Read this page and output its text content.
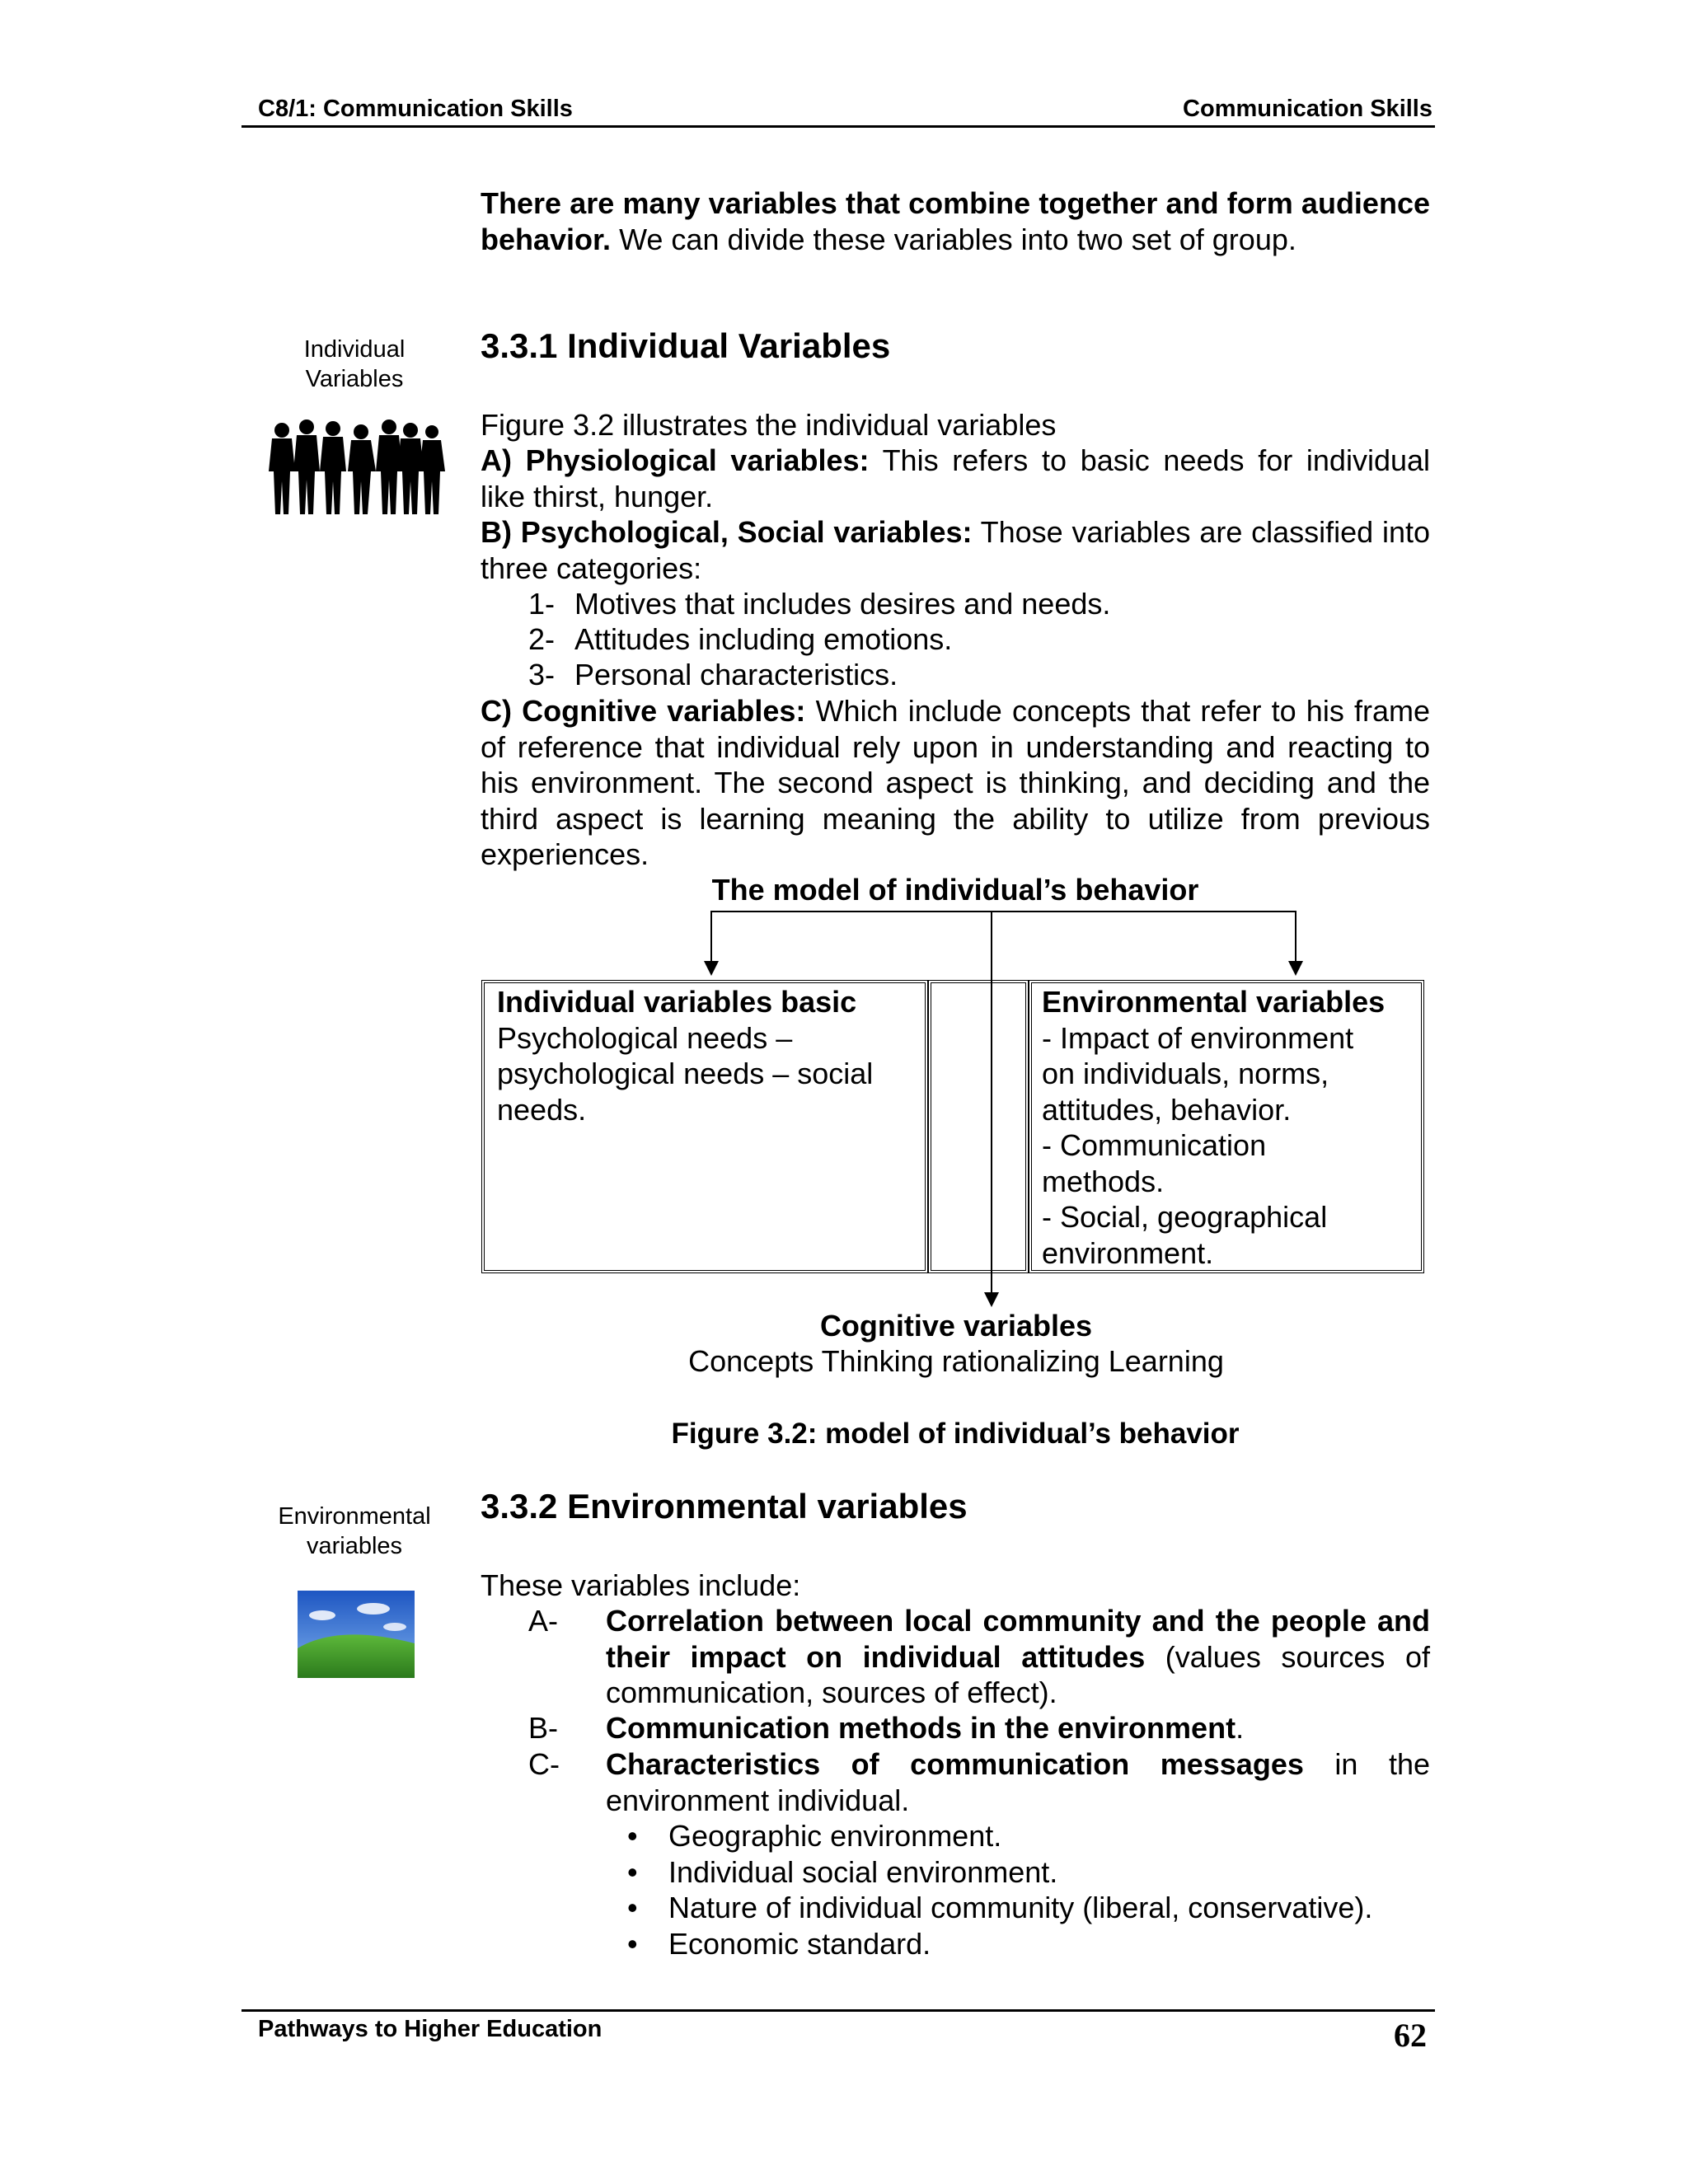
C8/1: Communication Skills	Communication Skills
There are many variables that combine together and form audience behavior. We can divide these variables into two set of group.
Individual
Variables
3.3.1 Individual Variables
Figure 3.2 illustrates the individual variables
A) Physiological variables: This refers to basic needs for individual like thirst, hunger.
B) Psychological, Social variables: Those variables are classified into three categories:
1- Motives that includes desires and needs.
2- Attitudes including emotions.
3- Personal characteristics.
C) Cognitive variables: Which include concepts that refer to his frame of reference that individual rely upon in understanding and reacting to his environment. The second aspect is thinking, and deciding and the third aspect is learning meaning the ability to utilize from previous experiences.
The model of individual’s behavior
Individual variables basic
Psychological needs – psychological needs – social needs.
Environmental variables
- Impact of environment
on individuals, norms,
attitudes, behavior.
- Communication
methods.
- Social, geographical
environment.
Cognitive variables
Concepts Thinking rationalizing Learning
Figure 3.2: model of individual’s behavior
Environmental
variables
3.3.2 Environmental variables
These variables include:
A- Correlation between local community and the people and their impact on individual attitudes (values sources of communication, sources of effect).
B- Communication methods in the environment.
C- Characteristics of communication messages in the environment individual.
• Geographic environment.
• Individual social environment.
• Nature of individual community (liberal, conservative).
• Economic standard.
Pathways to Higher Education	62
